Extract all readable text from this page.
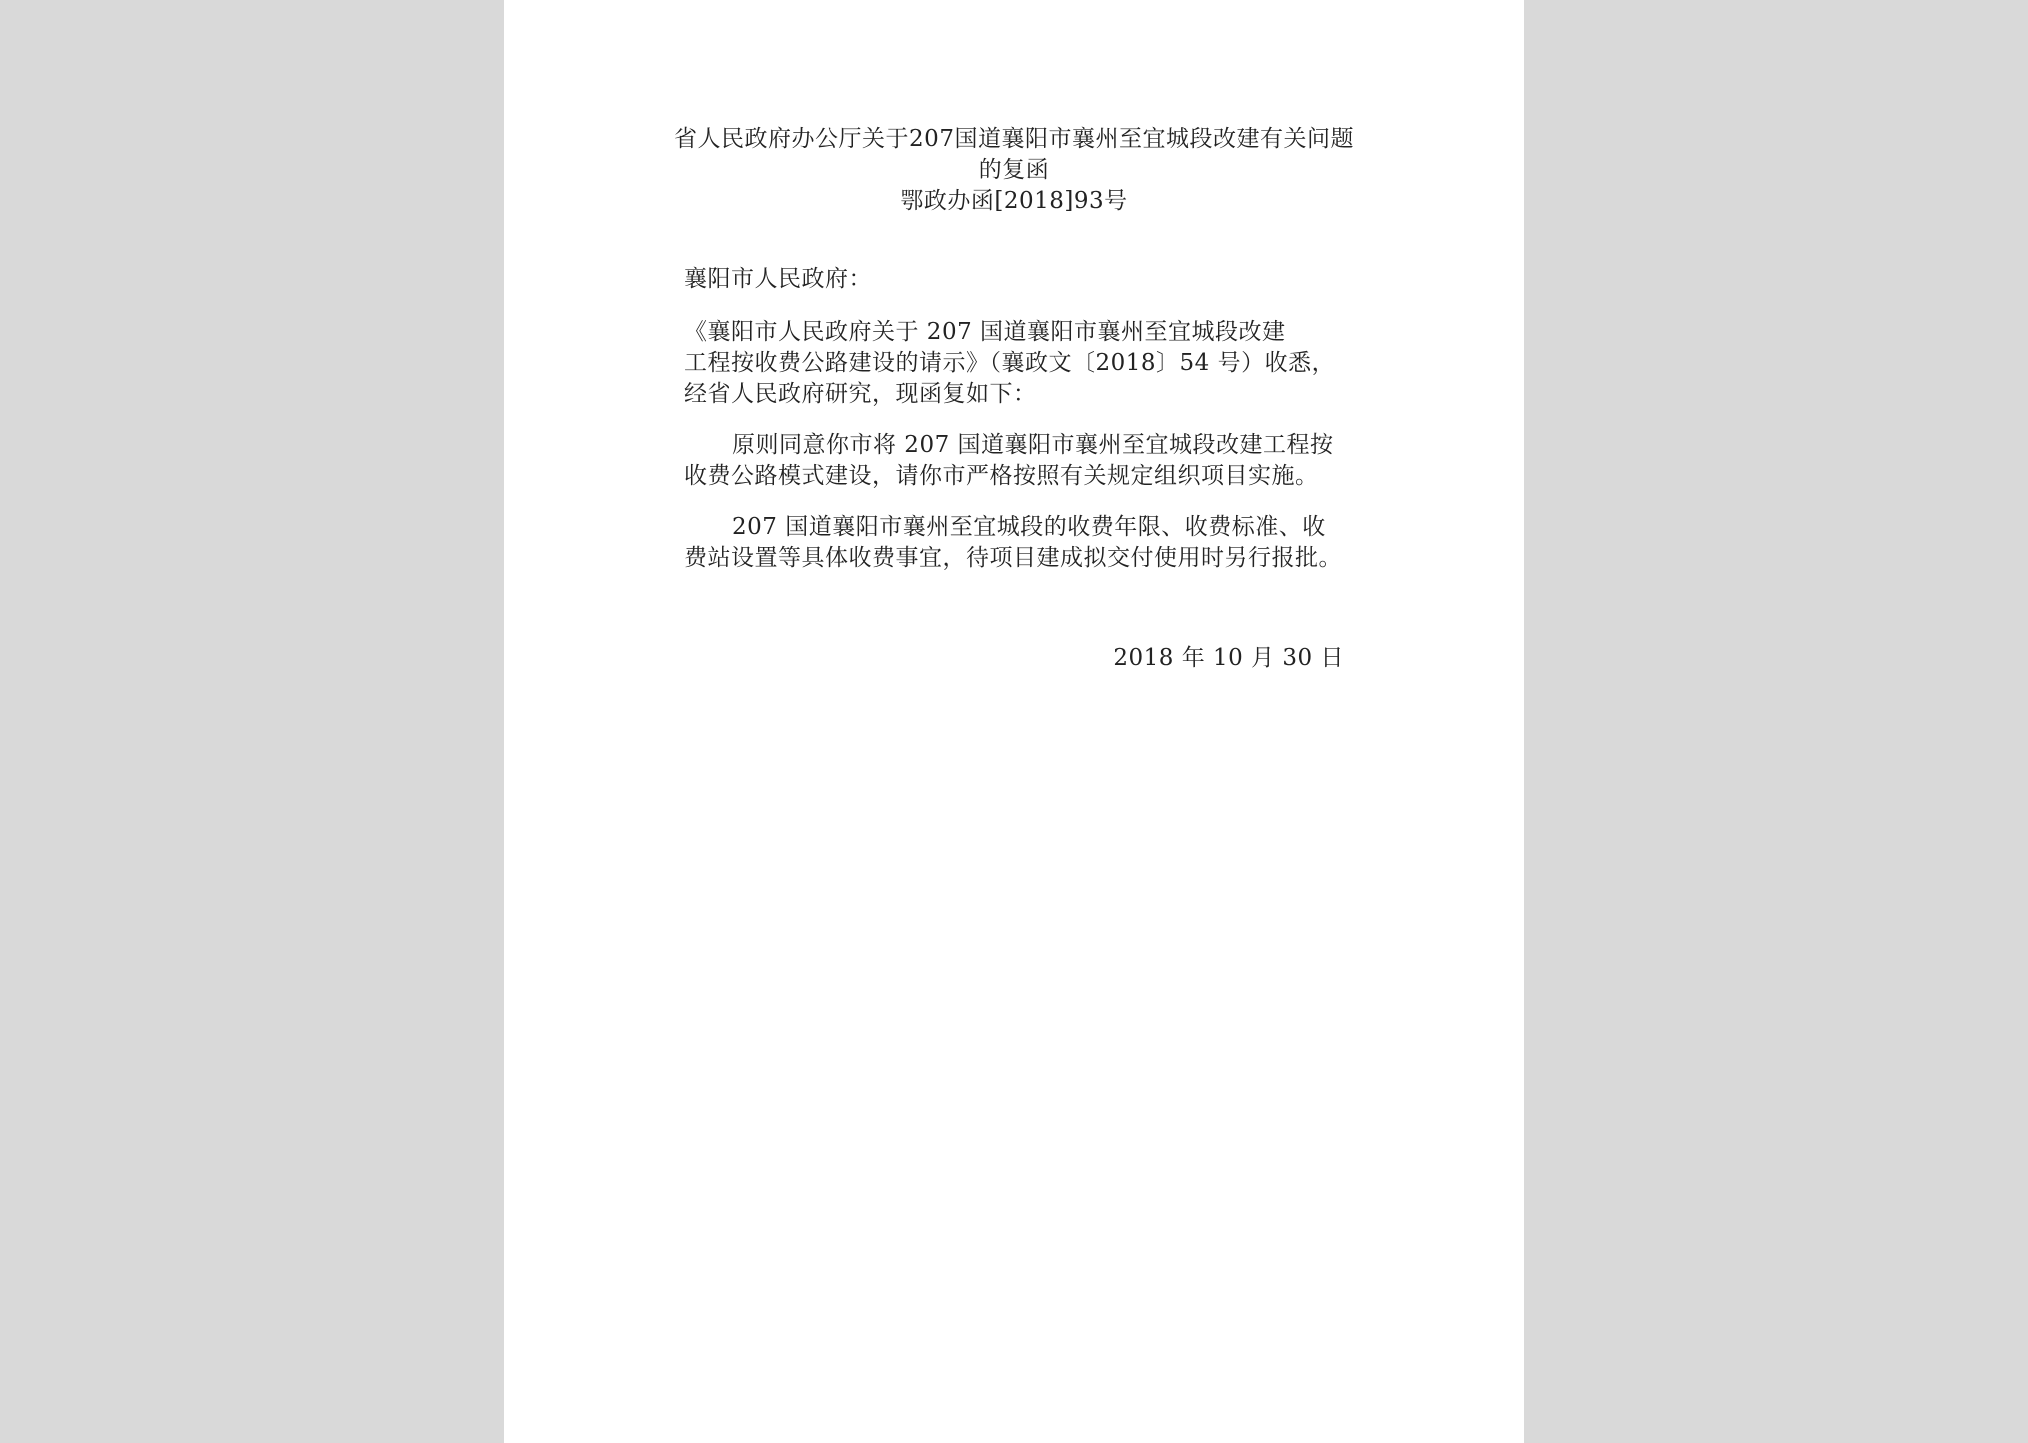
省人民政府办公厅关于207国道襄阳市襄州至宜城段改建有关问题
的复函
鄂政办函[2018]93号
襄阳市人民政府：
《襄阳市人民政府关于 207 国道襄阳市襄州至宜城段改建
工程按收费公路建设的请示》（襄政文〔2018〕54 号）收悉，
经省人民政府研究，现函复如下：
原则同意你市将 207 国道襄阳市襄州至宜城段改建工程按
收费公路模式建设，请你市严格按照有关规定组织项目实施。
207 国道襄阳市襄州至宜城段的收费年限、收费标准、收
费站设置等具体收费事宜，待项目建成拟交付使用时另行报批。
2018 年 10 月 30 日
